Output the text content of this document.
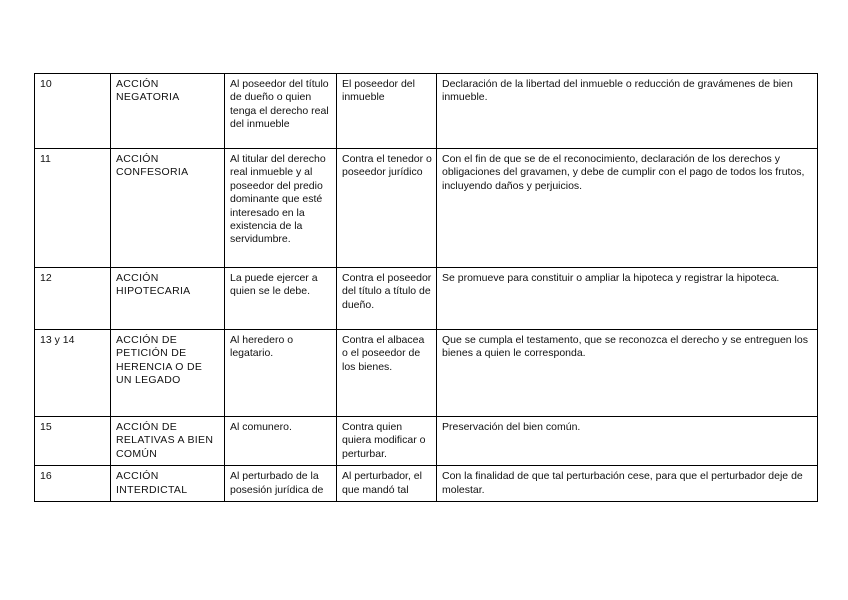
10	ACCIÓN NEGATORIA	Al poseedor del título de dueño o quien tenga el derecho real del inmueble	El poseedor del inmueble	Declaración de la libertad del inmueble o reducción de gravámenes de bien inmueble.
11	ACCIÓN CONFESORIA	Al titular del derecho real inmueble y al poseedor del predio dominante que esté interesado en la existencia de la servidumbre.	Contra el tenedor o poseedor jurídico	Con el fin de que se de el reconocimiento, declaración de los derechos y obligaciones del gravamen, y debe de cumplir con el pago de todos los frutos, incluyendo daños y perjuicios.
12	ACCIÓN HIPOTECARIA	La puede ejercer a quien se le debe.	Contra el poseedor del título a título de dueño.	Se promueve para constituir o ampliar la hipoteca y registrar la hipoteca.
13 y 14	ACCIÓN DE PETICIÓN DE HERENCIA O DE UN LEGADO	Al heredero o legatario.	Contra el albacea o el poseedor de los bienes.	Que se cumpla el testamento, que se reconozca el derecho y se entreguen los bienes a quien le corresponda.
15	ACCIÓN DE RELATIVAS A BIEN COMÚN	Al comunero.	Contra quien quiera modificar o perturbar.	Preservación del bien común.
16	ACCIÓN INTERDICTAL	Al perturbado de la posesión jurídica de	Al perturbador, el que mandó tal	Con la finalidad de que tal perturbación cese, para que el perturbador deje de molestar.
